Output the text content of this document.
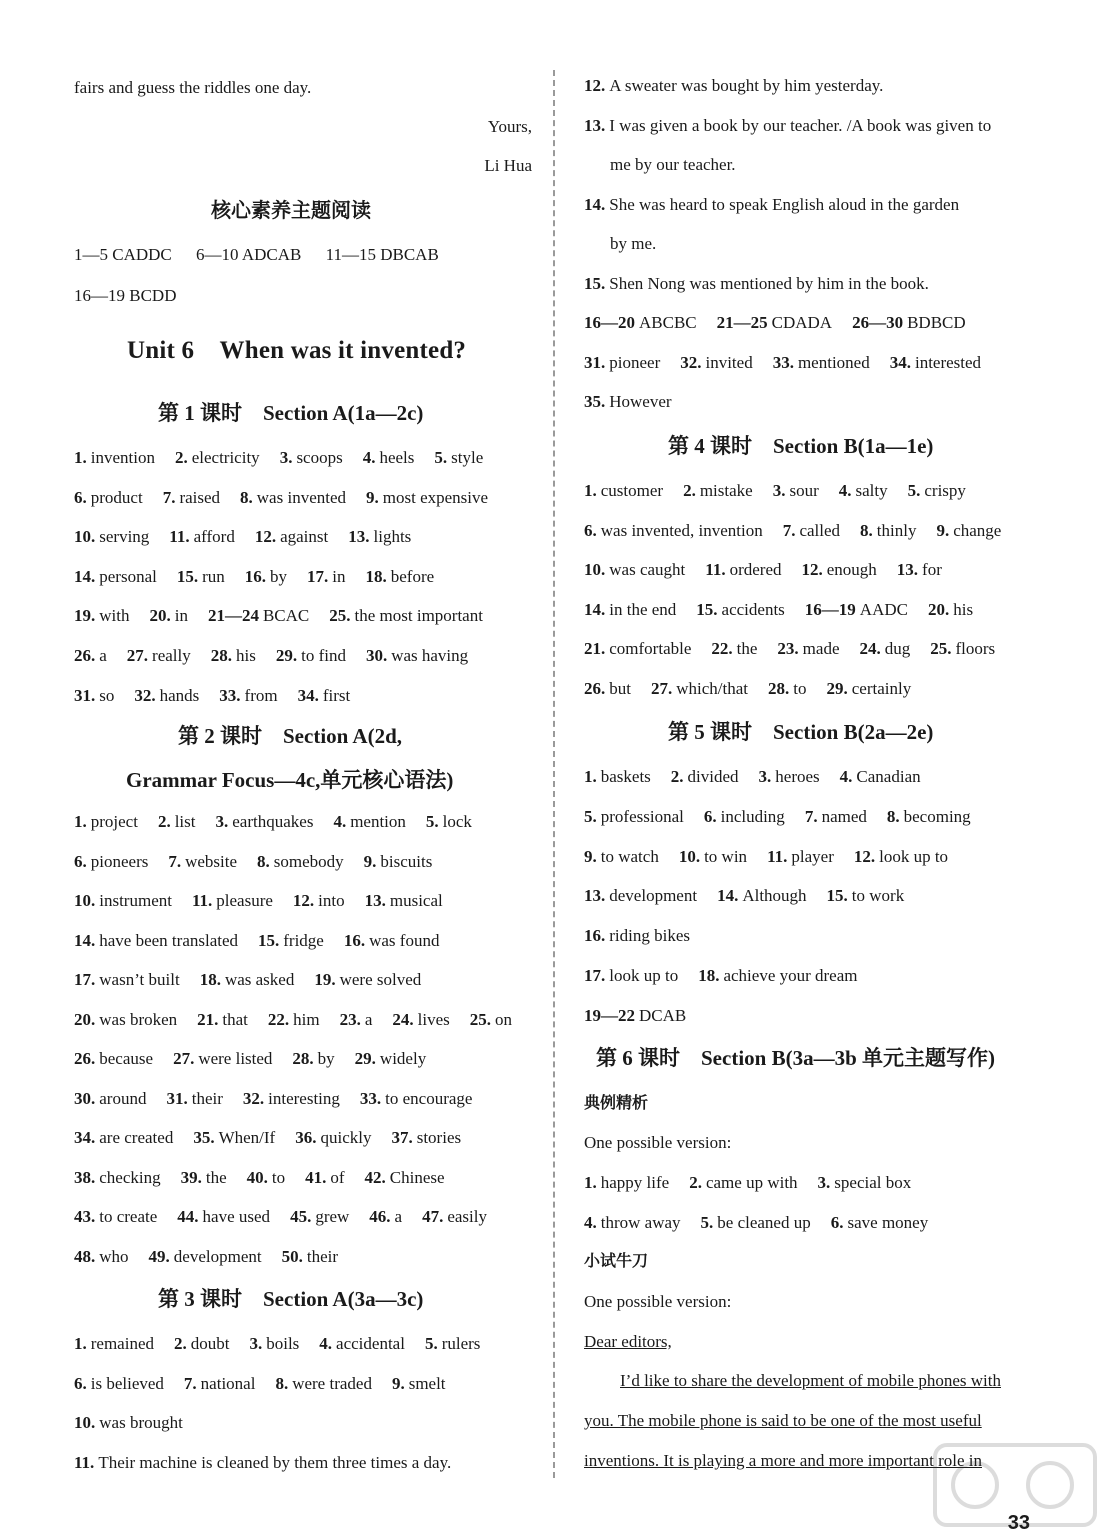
fairs and guess the riddles one day.
Yours,
Li Hua
核心素养主题阅读
1—5 CADDC 6—10 ADCAB 11—15 DBCAB
16—19 BCDD
Unit 6 When was it invented?
第 1 课时　Section A(1a—2c)
1. invention 2. electricity 3. scoops 4. heels 5. style
6. product 7. raised 8. was invented 9. most expensive
10. serving 11. afford 12. against 13. lights
14. personal 15. run 16. by 17. in 18. before
19. with 20. in 21—24 BCAC 25. the most important
26. a 27. really 28. his 29. to find 30. was having
31. so 32. hands 33. from 34. first
第 2 课时　Section A(2d,
Grammar Focus—4c,单元核心语法)
1. project 2. list 3. earthquakes 4. mention 5. lock
6. pioneers 7. website 8. somebody 9. biscuits
10. instrument 11. pleasure 12. into 13. musical
14. have been translated 15. fridge 16. was found
17. wasn’t built 18. was asked 19. were solved
20. was broken 21. that 22. him 23. a 24. lives 25. on
26. because 27. were listed 28. by 29. widely
30. around 31. their 32. interesting 33. to encourage
34. are created 35. When/If 36. quickly 37. stories
38. checking 39. the 40. to 41. of 42. Chinese
43. to create 44. have used 45. grew 46. a 47. easily
48. who 49. development 50. their
第 3 课时　Section A(3a—3c)
1. remained 2. doubt 3. boils 4. accidental 5. rulers
6. is believed 7. national 8. were traded 9. smelt
10. was brought
11. Their machine is cleaned by them three times a day.
12. A sweater was bought by him yesterday.
13. I was given a book by our teacher. /A book was given to
me by our teacher.
14. She was heard to speak English aloud in the garden
by me.
15. Shen Nong was mentioned by him in the book.
16—20 ABCBC 21—25 CDADA 26—30 BDBCD
31. pioneer 32. invited 33. mentioned 34. interested
35. However
第 4 课时　Section B(1a—1e)
1. customer 2. mistake 3. sour 4. salty 5. crispy
6. was invented, invention 7. called 8. thinly 9. change
10. was caught 11. ordered 12. enough 13. for
14. in the end 15. accidents 16—19 AADC 20. his
21. comfortable 22. the 23. made 24. dug 25. floors
26. but 27. which/that 28. to 29. certainly
第 5 课时　Section B(2a—2e)
1. baskets 2. divided 3. heroes 4. Canadian
5. professional 6. including 7. named 8. becoming
9. to watch 10. to win 11. player 12. look up to
13. development 14. Although 15. to work
16. riding bikes
17. look up to 18. achieve your dream
19—22 DCAB
第 6 课时　Section B(3a—3b 单元主题写作)
典例精析
One possible version:
1. happy life 2. came up with 3. special box
4. throw away 5. be cleaned up 6. save money
小试牛刀
One possible version:
Dear editors,
I’d like to share the development of mobile phones with
you. The mobile phone is said to be one of the most useful
inventions. It is playing a more and more important role in
33
